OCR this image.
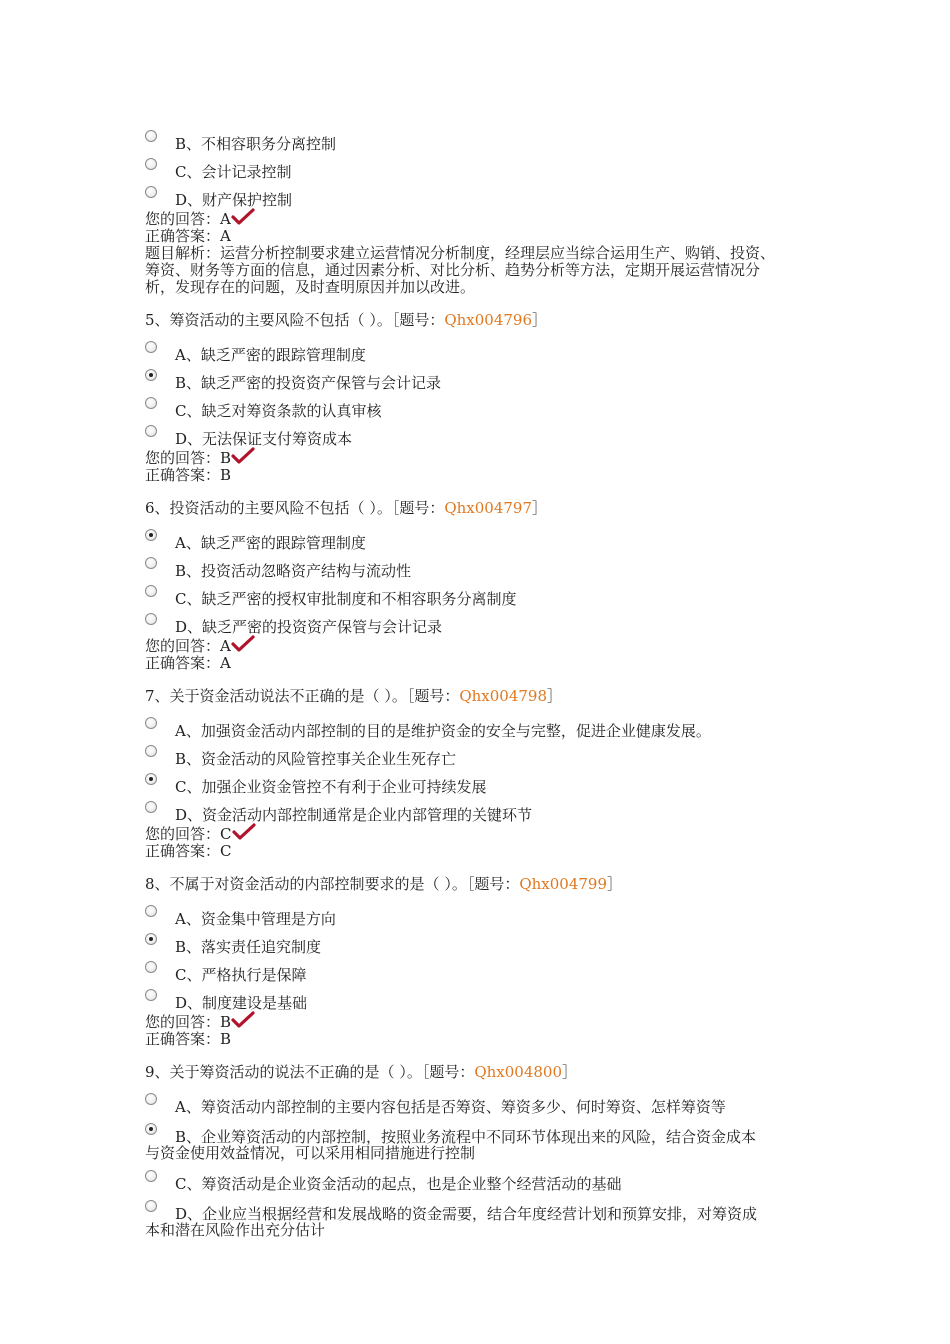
B、不相容职务分离控制
C、会计记录控制
D、财产保护控制
您的回答：A
正确答案：A
题目解析：运营分析控制要求建立运营情况分析制度，经理层应当综合运用生产、购销、投资、
筹资、财务等方面的信息，通过因素分析、对比分析、趋势分析等方法，定期开展运营情况分
析，发现存在的问题，及时查明原因并加以改进。
5、筹资活动的主要风险不包括（ ）。［题号：Qhx004796］
A、缺乏严密的跟踪管理制度
B、缺乏严密的投资资产保管与会计记录
C、缺乏对筹资条款的认真审核
D、无法保证支付筹资成本
您的回答：B
正确答案：B
6、投资活动的主要风险不包括（ ）。［题号：Qhx004797］
A、缺乏严密的跟踪管理制度
B、投资活动忽略资产结构与流动性
C、缺乏严密的授权审批制度和不相容职务分离制度
D、缺乏严密的投资资产保管与会计记录
您的回答：A
正确答案：A
7、关于资金活动说法不正确的是（ ）。［题号：Qhx004798］
A、加强资金活动内部控制的目的是维护资金的安全与完整，促进企业健康发展。
B、资金活动的风险管控事关企业生死存亡
C、加强企业资金管控不有利于企业可持续发展
D、资金活动内部控制通常是企业内部管理的关键环节
您的回答：C
正确答案：C
8、不属于对资金活动的内部控制要求的是（ ）。［题号：Qhx004799］
A、资金集中管理是方向
B、落实责任追究制度
C、严格执行是保障
D、制度建设是基础
您的回答：B
正确答案：B
9、关于筹资活动的说法不正确的是（ ）。［题号：Qhx004800］
A、筹资活动内部控制的主要内容包括是否筹资、筹资多少、何时筹资、怎样筹资等
B、企业筹资活动的内部控制，按照业务流程中不同环节体现出来的风险，结合资金成本
与资金使用效益情况，可以采用相同措施进行控制
C、筹资活动是企业资金活动的起点，也是企业整个经营活动的基础
D、企业应当根据经营和发展战略的资金需要，结合年度经营计划和预算安排，对筹资成
本和潜在风险作出充分估计
